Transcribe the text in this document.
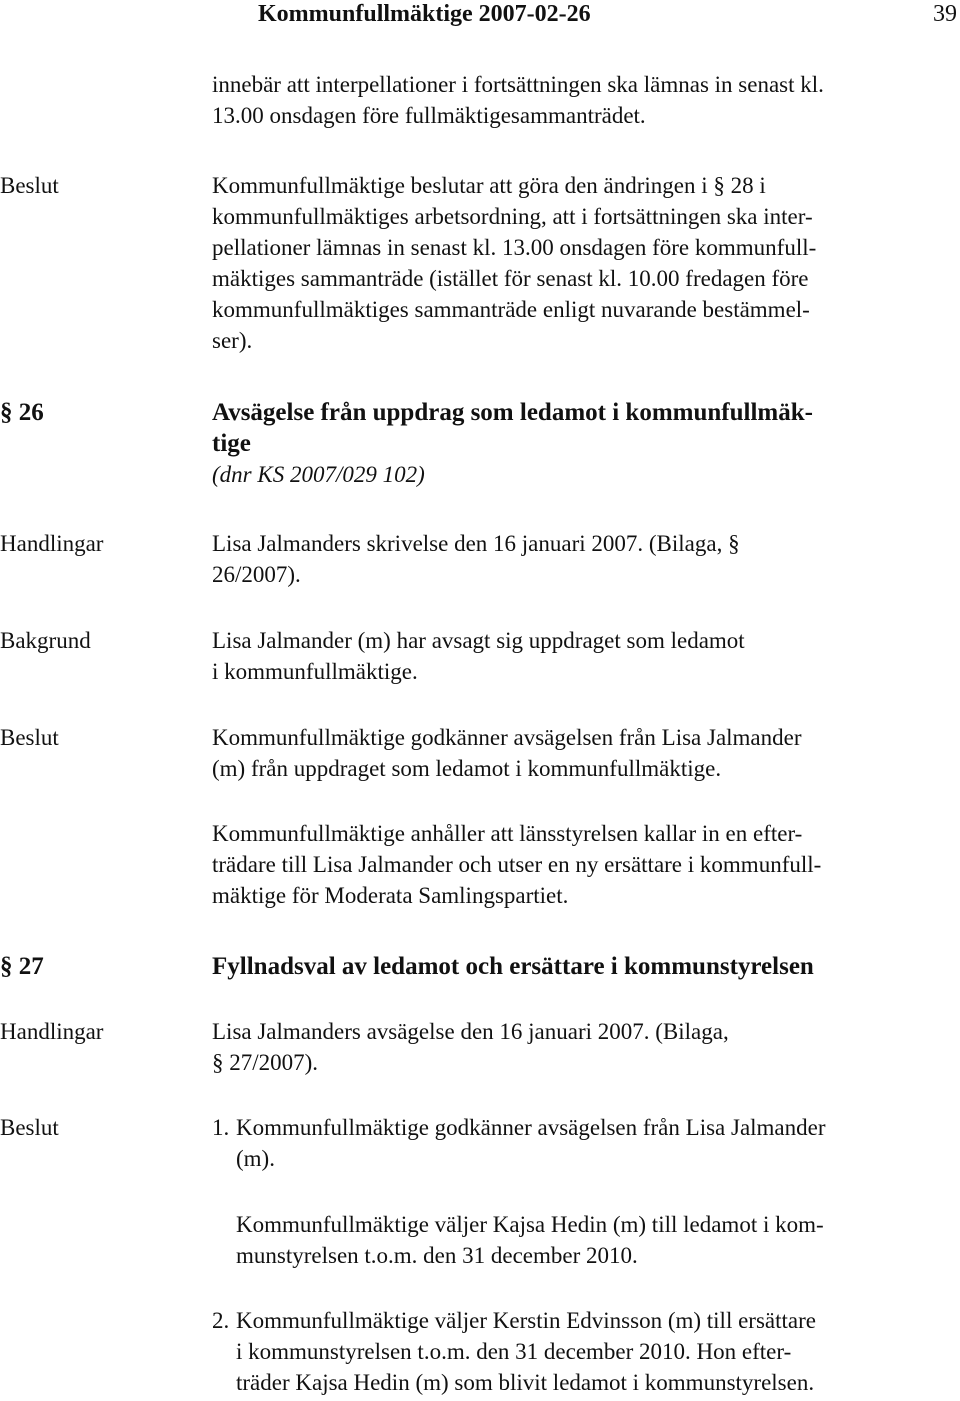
Kommunfullmäktige 2007-02-26	39
innebär att interpellationer i fortsättningen ska lämnas in senast kl.
13.00 onsdagen före fullmäktigesammanträdet.
Beslut	Kommunfullmäktige beslutar att göra den ändringen i § 28 i
kommunfullmäktiges arbetsordning, att i fortsättningen ska inter-
pellationer lämnas in senast kl. 13.00 onsdagen före kommunfull-
mäktiges sammanträde (istället för senast kl. 10.00 fredagen före
kommunfullmäktiges sammanträde enligt nuvarande bestämmel-
ser).
§ 26	Avsägelse från uppdrag som ledamot i kommunfullmäk-
tige
(dnr KS 2007/029 102)
Handlingar	Lisa Jalmanders skrivelse den 16 januari 2007. (Bilaga, §
26/2007).
Bakgrund	Lisa Jalmander (m) har avsagt sig uppdraget som ledamot
i kommunfullmäktige.
Beslut	Kommunfullmäktige godkänner avsägelsen från Lisa Jalmander
(m) från uppdraget som ledamot i kommunfullmäktige.
Kommunfullmäktige anhåller att länsstyrelsen kallar in en efter-
trädare till Lisa Jalmander och utser en ny ersättare i kommunfull-
mäktige för Moderata Samlingspartiet.
§ 27	Fyllnadsval av ledamot och ersättare i kommunstyrelsen
Handlingar	Lisa Jalmanders avsägelse den 16 januari 2007. (Bilaga,
§ 27/2007).
Beslut	1. Kommunfullmäktige godkänner avsägelsen från Lisa Jalmander
(m).
Kommunfullmäktige väljer Kajsa Hedin (m) till ledamot i kom-
munstyrelsen t.o.m. den 31 december 2010.
2. Kommunfullmäktige väljer Kerstin Edvinsson (m) till ersättare
i kommunstyrelsen t.o.m. den 31 december 2010. Hon efter-
träder Kajsa Hedin (m) som blivit ledamot i kommunstyrelsen.
